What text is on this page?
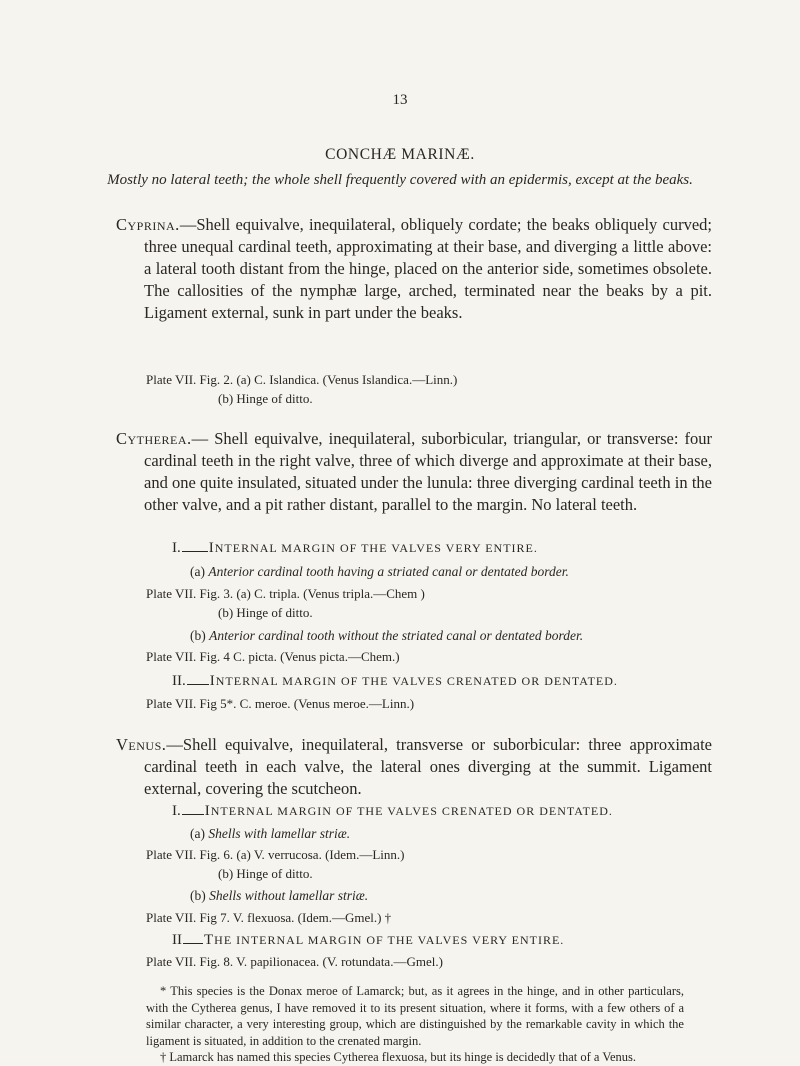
13
CONCHÆ MARINÆ.
Mostly no lateral teeth; the whole shell frequently covered with an epidermis, except at the beaks.
Cyprina.—Shell equivalve, inequilateral, obliquely cordate; the beaks obliquely curved; three unequal cardinal teeth, approximating at their base, and diverging a little above: a lateral tooth distant from the hinge, placed on the anterior side, sometimes obsolete. The callosities of the nymphæ large, arched, terminated near the beaks by a pit. Ligament external, sunk in part under the beaks.
Plate VII. Fig. 2. (a) C. Islandica. (Venus Islandica.—Linn.)
(b) Hinge of ditto.
Cytherea.— Shell equivalve, inequilateral, suborbicular, triangular, or transverse: four cardinal teeth in the right valve, three of which diverge and approximate at their base, and one quite insulated, situated under the lunula: three diverging cardinal teeth in the other valve, and a pit rather distant, parallel to the margin. No lateral teeth.
I. INTERNAL MARGIN OF THE VALVES VERY ENTIRE.
(a) Anterior cardinal tooth having a striated canal or dentated border.
Plate VII. Fig. 3. (a) C. tripla. (Venus tripla.—Chem )
(b) Hinge of ditto.
(b) Anterior cardinal tooth without the striated canal or dentated border.
Plate VII. Fig. 4 C. picta. (Venus picta.—Chem.)
II. INTERNAL MARGIN OF THE VALVES CRENATED OR DENTATED.
Plate VII. Fig 5*. C. meroe. (Venus meroe.—Linn.)
Venus.—Shell equivalve, inequilateral, transverse or suborbicular: three approximate cardinal teeth in each valve, the lateral ones diverging at the summit. Ligament external, covering the scutcheon.
I. INTERNAL MARGIN OF THE VALVES CRENATED OR DENTATED.
(a) Shells with lamellar striæ.
Plate VII. Fig. 6. (a) V. verrucosa. (Idem.—Linn.)
(b) Hinge of ditto.
(b) Shells without lamellar striæ.
Plate VII. Fig 7. V. flexuosa. (Idem.—Gmel.) †
II THE INTERNAL MARGIN OF THE VALVES VERY ENTIRE.
Plate VII. Fig. 8. V. papilionacea. (V. rotundata.—Gmel.)

* This species is the Donax meroe of Lamarck; but, as it agrees in the hinge, and in other particulars, with the Cytherea genus, I have removed it to its present situation, where it forms, with a few others of a similar character, a very interesting group, which are distinguished by the remarkable cavity in which the ligament is situated, in addition to the crenated margin.

† Lamarck has named this species Cytherea flexuosa, but its hinge is decidedly that of a Venus.
